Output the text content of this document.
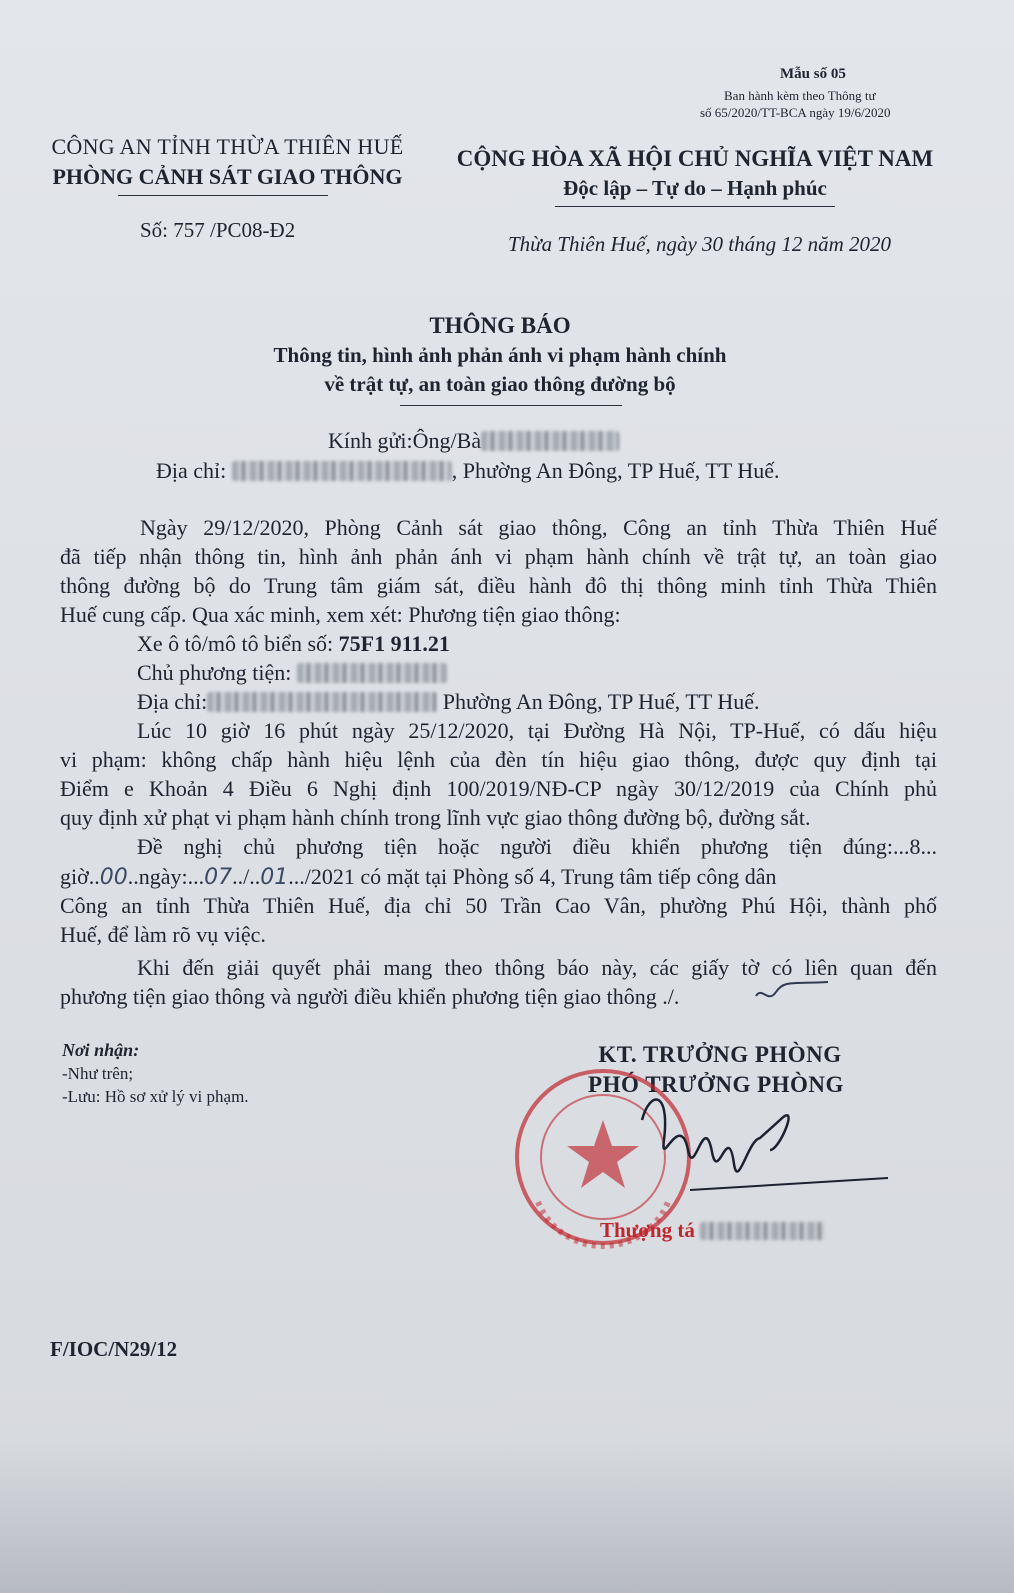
Mẫu số 05
Ban hành kèm theo Thông tư
số 65/2020/TT-BCA ngày 19/6/2020
CÔNG AN TỈNH THỪA THIÊN HUẾ
PHÒNG CẢNH SÁT GIAO THÔNG
Số: 757 /PC08-Đ2
CỘNG HÒA XÃ HỘI CHỦ NGHĨA VIỆT NAM
Độc lập – Tự do – Hạnh phúc
Thừa Thiên Huế, ngày 30 tháng 12 năm 2020
THÔNG BÁO
Thông tin, hình ảnh phản ánh vi phạm hành chính
về trật tự, an toàn giao thông đường bộ
Kính gửi:Ông/Bà
Địa chỉ:	, Phường An Đông, TP Huế, TT Huế.
Ngày 29/12/2020, Phòng Cảnh sát giao thông, Công an tỉnh Thừa Thiên Huế
đã tiếp nhận thông tin, hình ảnh phản ánh vi phạm hành chính về trật tự, an toàn giao
thông đường bộ do Trung tâm giám sát, điều hành đô thị thông minh tỉnh Thừa Thiên
Huế cung cấp. Qua xác minh, xem xét: Phương tiện giao thông:
Xe ô tô/mô tô biển số: 75F1 911.21
Chủ phương tiện:
Địa chỉ:	Phường An Đông, TP Huế, TT Huế.
Lúc 10 giờ 16 phút ngày 25/12/2020, tại Đường Hà Nội, TP-Huế, có dấu hiệu
vi phạm: không chấp hành hiệu lệnh của đèn tín hiệu giao thông, được quy định tại
Điểm e Khoản 4 Điều 6 Nghị định 100/2019/NĐ-CP ngày 30/12/2019 của Chính phủ
quy định xử phạt vi phạm hành chính trong lĩnh vực giao thông đường bộ, đường sắt.
Đề nghị chủ phương tiện hoặc người điều khiển phương tiện đúng:...8...
giờ..00..ngày:...07../..01.../2021 có mặt tại Phòng số 4, Trung tâm tiếp công dân
Công an tỉnh Thừa Thiên Huế, địa chỉ 50 Trần Cao Vân, phường Phú Hội, thành phố
Huế, để làm rõ vụ việc.
Khi đến giải quyết phải mang theo thông báo này, các giấy tờ có liên quan đến
phương tiện giao thông và người điều khiển phương tiện giao thông ./.
Nơi nhận:
-Như trên;
-Lưu: Hồ sơ xử lý vi phạm.
KT. TRƯỞNG PHÒNG
PHÓ TRƯỞNG PHÒNG
Thượng tá
F/IOC/N29/12
